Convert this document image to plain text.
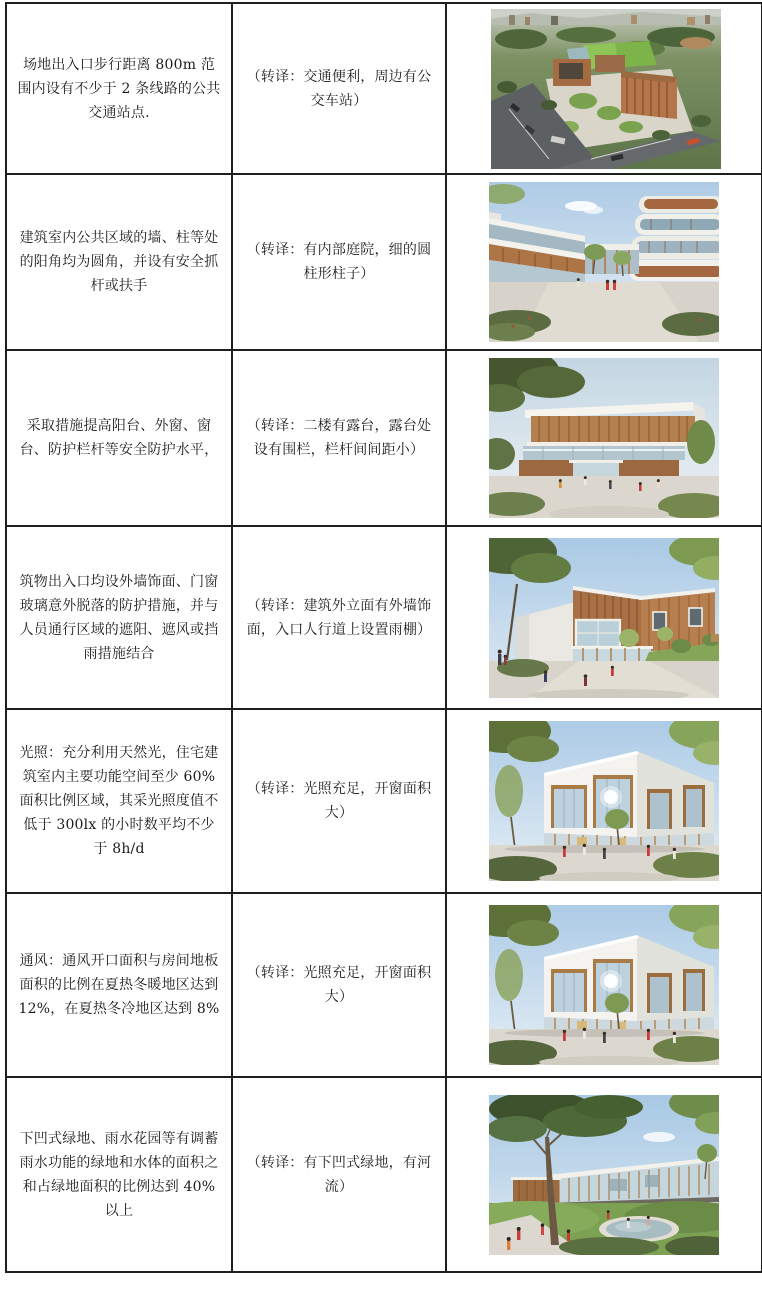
场地出入口步行距离 800m 范围内设有不少于 2 条线路的公共交通站点.	（转译：交通便利，周边有公交车站）

建筑室内公共区域的墙、柱等处的阳角均为圆角，并设有安全抓杆或扶手	（转译：有内部庭院，细的圆柱形柱子）

采取措施提高阳台、外窗、窗台、防护栏杆等安全防护水平，	（转译：二楼有露台，露台处设有围栏，栏杆间间距小）

筑物出入口均设外墙饰面、门窗玻璃意外脱落的防护措施，并与人员通行区域的遮阳、遮风或挡雨措施结合	（转译：建筑外立面有外墙饰面，入口人行道上设置雨棚）

光照：充分利用天然光，住宅建筑室内主要功能空间至少 60%面积比例区域，其采光照度值不低于 300lx 的小时数平均不少于 8h/d	（转译：光照充足，开窗面积大）

通风：通风开口面积与房间地板面积的比例在夏热冬暖地区达到 12%，在夏热冬冷地区达到 8%	（转译：光照充足，开窗面积大）

下凹式绿地、雨水花园等有调蓄雨水功能的绿地和水体的面积之和占绿地面积的比例达到 40%以上	（转译：有下凹式绿地，有河流）
